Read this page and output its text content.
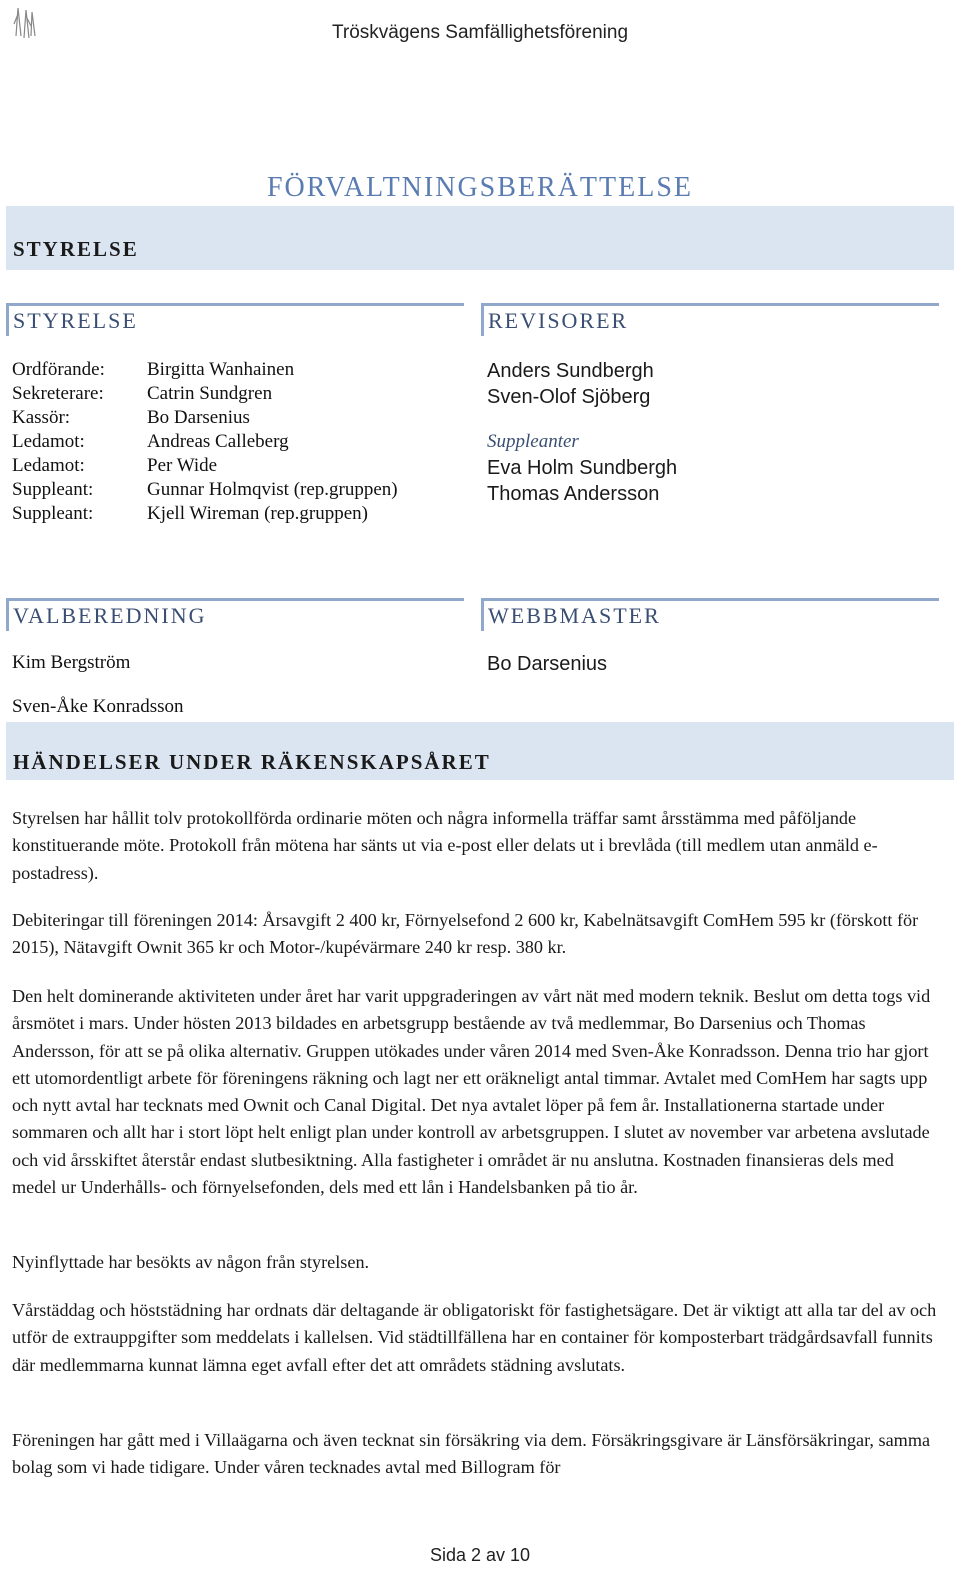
Tröskvägens Samfällighetsförening
FÖRVALTNINGSBERÄTTELSE
STYRELSE
STYRELSE
Ordförande:	Birgitta Wanhainen
Sekreterare:	Catrin Sundgren
Kassör:	Bo Darsenius
Ledamot:	Andreas Calleberg
Ledamot:	Per Wide
Suppleant:	Gunnar Holmqvist (rep.gruppen)
Suppleant:	Kjell Wireman (rep.gruppen)
REVISORER
Anders Sundbergh
Sven-Olof Sjöberg
Suppleanter
Eva Holm Sundbergh
Thomas Andersson
VALBEREDNING
Kim Bergström
Sven-Åke Konradsson
WEBBMASTER
Bo Darsenius
HÄNDELSER UNDER RÄKENSKAPSÅRET
Styrelsen har hållit tolv protokollförda ordinarie möten och några informella träffar samt årsstämma med påföljande konstituerande möte. Protokoll från mötena har sänts ut via e-post eller delats ut i brevlåda (till medlem utan anmäld e-postadress).
Debiteringar till föreningen 2014: Årsavgift 2 400 kr, Förnyelsefond 2 600 kr, Kabelnätsavgift ComHem 595 kr (förskott för 2015), Nätavgift Ownit 365 kr och Motor-/kupévärmare 240 kr resp. 380 kr.
Den helt dominerande aktiviteten under året har varit uppgraderingen av vårt nät med modern teknik. Beslut om detta togs vid årsmötet i mars. Under hösten 2013 bildades en arbetsgrupp bestående av två medlemmar, Bo Darsenius och Thomas Andersson, för att se på olika alternativ. Gruppen utökades under våren 2014 med Sven-Åke Konradsson. Denna trio har gjort ett utomordentligt arbete för föreningens räkning och lagt ner ett oräkneligt antal timmar. Avtalet med ComHem har sagts upp och nytt avtal har tecknats med Ownit och Canal Digital. Det nya avtalet löper på fem år. Installationerna startade under sommaren och allt har i stort löpt helt enligt plan under kontroll av arbetsgruppen. I slutet av november var arbetena avslutade och vid årsskiftet återstår endast slutbesiktning. Alla fastigheter i området är nu anslutna. Kostnaden finansieras dels med medel ur Underhålls- och förnyelsefonden, dels med ett lån i Handelsbanken på tio år.
Nyinflyttade har besökts av någon från styrelsen.
Vårstäddag och höststädning har ordnats där deltagande är obligatoriskt för fastighetsägare. Det är viktigt att alla tar del av och utför de extrauppgifter som meddelats i kallelsen. Vid städtillfällena har en container för komposterbart trädgårdsavfall funnits där medlemmarna kunnat lämna eget avfall efter det att områdets städning avslutats.
Föreningen har gått med i Villaägarna och även tecknat sin försäkring via dem. Försäkringsgivare är Länsförsäkringar, samma bolag som vi hade tidigare. Under våren tecknades avtal med Billogram för
Sida 2 av 10
